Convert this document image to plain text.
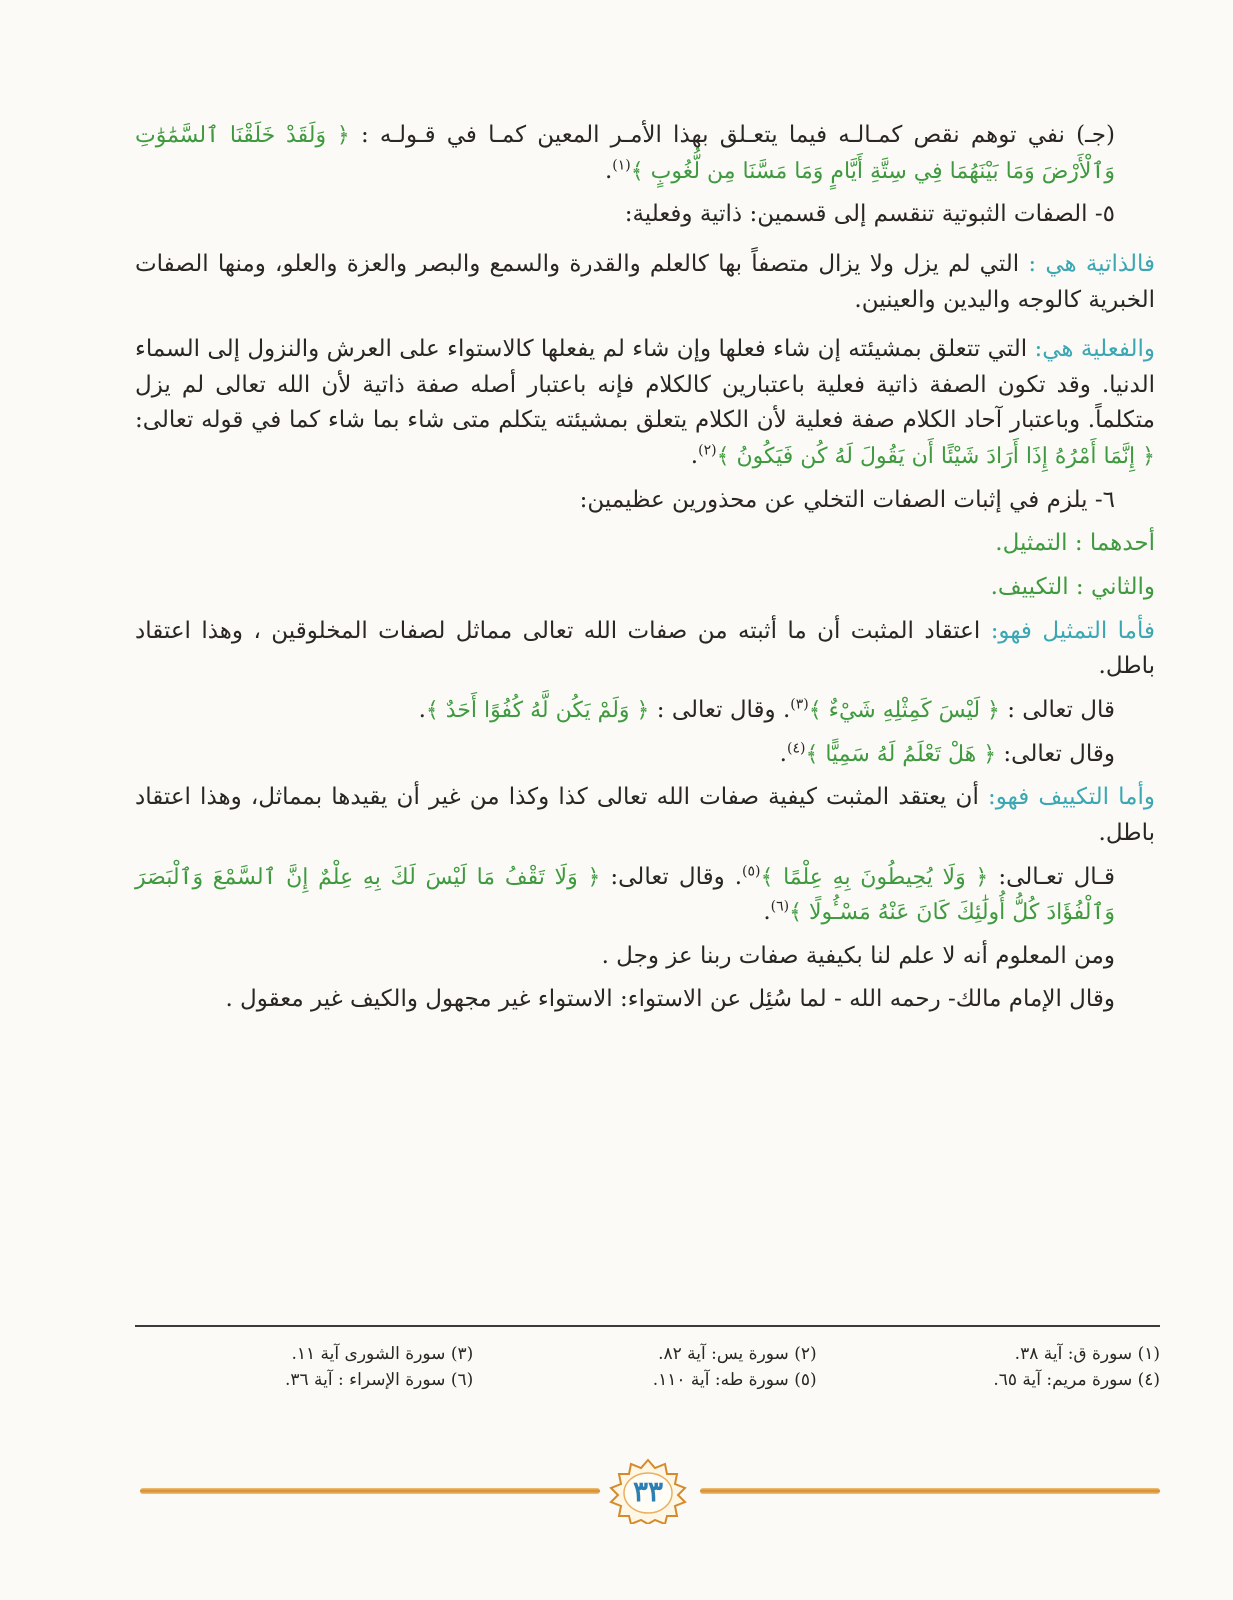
(جـ) نفي توهم نقص كمـالـه فيما يتعـلق بهذا الأمـر المعين كمـا في قـولـه : ﴿ وَلَقَدْ خَلَقْنَا ٱلسَّمَٰوَٰتِ وَٱلْأَرْضَ وَمَا بَيْنَهُمَا فِي سِتَّةِ أَيَّامٍ وَمَا مَسَّنَا مِن لُّغُوبٍ ﴾$^{(١)}$.

٥- الصفات الثبوتية تنقسم إلى قسمين: ذاتية وفعلية:

فالذاتية هي : التي لم يزل ولا يزال متصفاً بها كالعلم والقدرة والسمع والبصر والعزة والعلو، ومنها الصفات الخبرية كالوجه واليدين والعينين.

والفعلية هي: التي تتعلق بمشيئته إن شاء فعلها وإن شاء لم يفعلها كالاستواء على العرش والنزول إلى السماء الدنيا. وقد تكون الصفة ذاتية فعلية باعتبارين كالكلام فإنه باعتبار أصله صفة ذاتية لأن الله تعالى لم يزل متكلماً. وباعتبار آحاد الكلام صفة فعلية لأن الكلام يتعلق بمشيئته يتكلم متى شاء بما شاء كما في قوله تعالى: ﴿ إِنَّمَا أَمْرُهُ إِذَا أَرَادَ شَيْئًا أَن يَقُولَ لَهُ كُن فَيَكُونُ ﴾$^{(٢)}$.

٦- يلزم في إثبات الصفات التخلي عن محذورين عظيمين:

أحدهما : التمثيل.

والثاني : التكييف.

فأما التمثيل فهو: اعتقاد المثبت أن ما أثبته من صفات الله تعالى مماثل لصفات المخلوقين ، وهذا اعتقاد باطل.

قال تعالى : ﴿ لَيْسَ كَمِثْلِهِ شَيْءٌ ﴾$^{(٣)}$. وقال تعالى : ﴿ وَلَمْ يَكُن لَّهُ كُفُوًا أَحَدٌ ﴾.

وقال تعالى: ﴿ هَلْ تَعْلَمُ لَهُ سَمِيًّا ﴾$^{(٤)}$.

وأما التكييف فهو: أن يعتقد المثبت كيفية صفات الله تعالى كذا وكذا من غير أن يقيدها بمماثل، وهذا اعتقاد باطل.

قـال تعـالى: ﴿ وَلَا يُحِيطُونَ بِهِ عِلْمًا ﴾$^{(٥)}$. وقال تعالى: ﴿ وَلَا تَقْفُ مَا لَيْسَ لَكَ بِهِ عِلْمٌ إِنَّ ٱلسَّمْعَ وَٱلْبَصَرَ وَٱلْفُؤَادَ كُلُّ أُولَٰئِكَ كَانَ عَنْهُ مَسْـُٔولًا ﴾$^{(٦)}$.

ومن المعلوم أنه لا علم لنا بكيفية صفات ربنا عز وجل .

وقال الإمام مالك- رحمه الله - لما سُئِل عن الاستواء: الاستواء غير مجهول والكيف غير معقول .

(١) سورة ق: آية ٣٨.
(٢) سورة يس: آية ٨٢.
(٣) سورة الشورى آية ١١.
(٤) سورة مريم: آية ٦٥.
(٥) سورة طه: آية ١١٠.
(٦) سورة الإسراء : آية ٣٦.
٣٣
